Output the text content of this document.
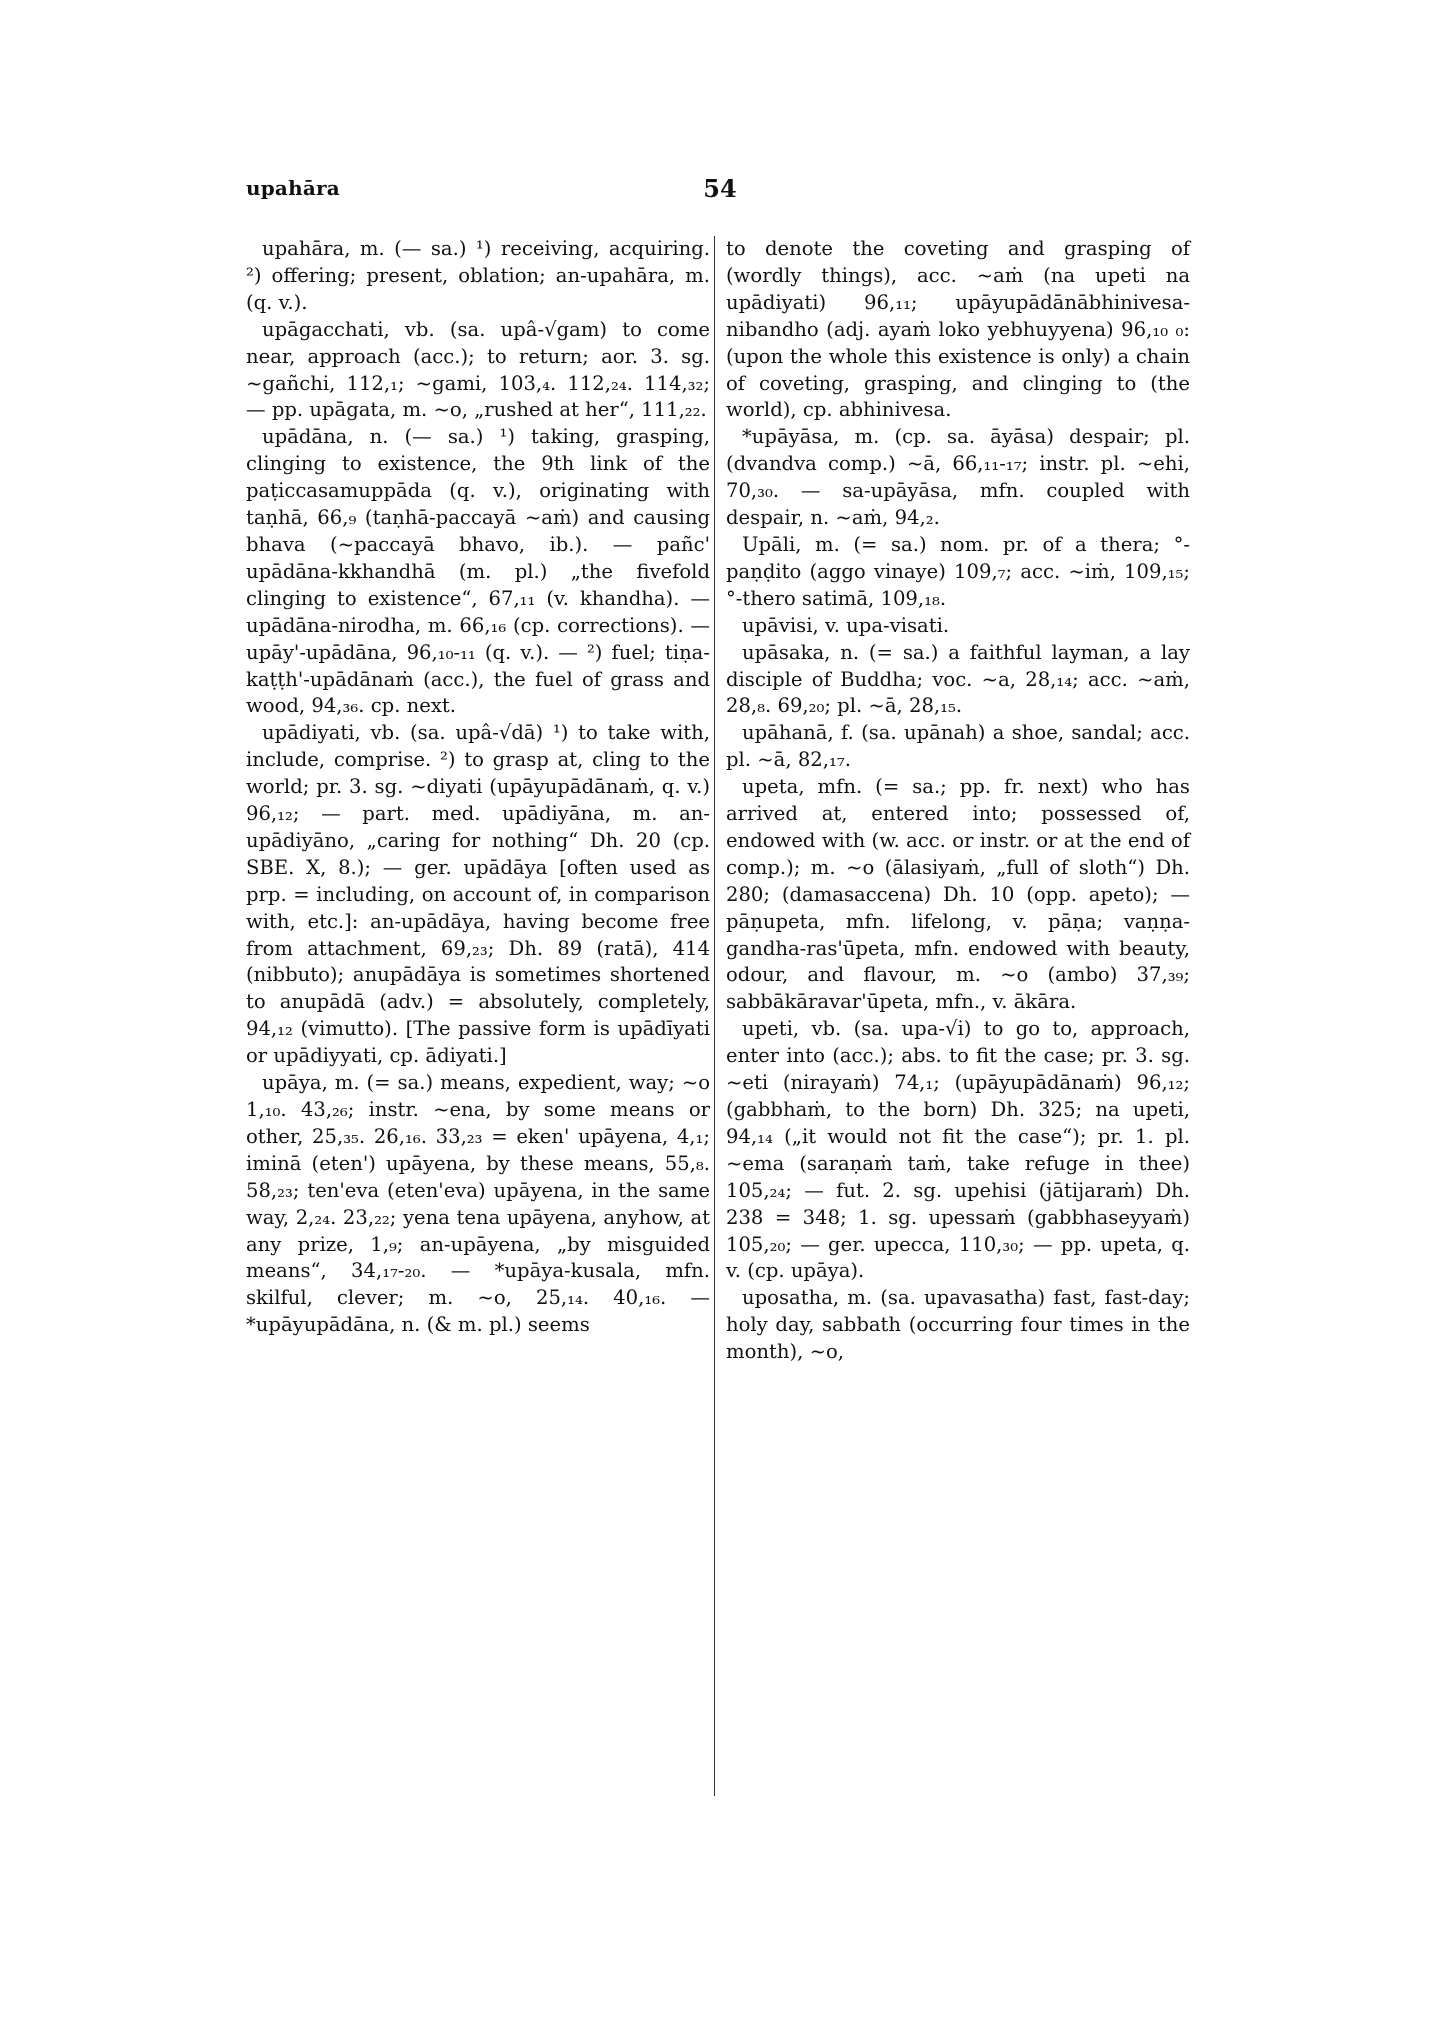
upahāra	54

upahāra, m. (— sa.) ¹) receiving, acquiring. ²) offering; present, oblation; an-upahāra, m. (q. v.).

upāgacchati, vb. (sa. upâ-√gam) to come near, approach (acc.); to return; aor. 3. sg. ~gañchi, 112,₁; ~gami, 103,₄. 112,₂₄. 114,₃₂; — pp. upāgata, m. ~o, „rushed at her“, 111,₂₂.

upādāna, n. (— sa.) ¹) taking, grasping, clinging to existence, the 9th link of the paṭiccasamuppāda (q. v.), originating with taṇhā, 66,₉ (taṇhā-paccayā ~aṁ) and causing bhava (~paccayā bhavo, ib.). — pañc' upādāna-kkhandhā (m. pl.) „the fivefold clinging to existence“, 67,₁₁ (v. khandha). — upādāna-nirodha, m. 66,₁₆ (cp. corrections). — upāy'-upādāna, 96,₁₀-₁₁ (q. v.). — ²) fuel; tiṇa-kaṭṭh'-upādānaṁ (acc.), the fuel of grass and wood, 94,₃₆. cp. next.

upādiyati, vb. (sa. upâ-√dā) ¹) to take with, include, comprise. ²) to grasp at, cling to the world; pr. 3. sg. ~diyati (upāyupādānaṁ, q. v.) 96,₁₂; — part. med. upādiyāna, m. an-upādiyāno, „caring for nothing“ Dh. 20 (cp. SBE. X, 8.); — ger. upādāya [often used as prp. = including, on account of, in comparison with, etc.]: an-upādāya, having become free from attachment, 69,₂₃; Dh. 89 (ratā), 414 (nibbuto); anupādāya is sometimes shortened to anupādā (adv.) = absolutely, completely, 94,₁₂ (vimutto). [The passive form is upādīyati or upādiyyati, cp. ādiyati.]

upāya, m. (= sa.) means, expedient, way; ~o 1,₁₀. 43,₂₆; instr. ~ena, by some means or other, 25,₃₅. 26,₁₆. 33,₂₃ = eken' upāyena, 4,₁; iminā (eten') upāyena, by these means, 55,₈. 58,₂₃; ten'eva (eten'eva) upāyena, in the same way, 2,₂₄. 23,₂₂; yena tena upāyena, anyhow, at any prize, 1,₉; an-upāyena, „by misguided means“, 34,₁₇-₂₀. — *upāya-kusala, mfn. skilful, clever; m. ~o, 25,₁₄. 40,₁₆. — *upāyupādāna, n. (& m. pl.) seems

to denote the coveting and grasping of (wordly things), acc. ~aṁ (na upeti na upādiyati) 96,₁₁; upāyupādānābhinivesa-nibandho (adj. ayaṁ loko yebhuyyena) 96,₁₀ ₀: (upon the whole this existence is only) a chain of coveting, grasping, and clinging to (the world), cp. abhinivesa.

*upāyāsa, m. (cp. sa. āyāsa) despair; pl. (dvandva comp.) ~ā, 66,₁₁-₁₇; instr. pl. ~ehi, 70,₃₀. — sa-upāyāsa, mfn. coupled with despair, n. ~aṁ, 94,₂.

Upāli, m. (= sa.) nom. pr. of a thera; °-paṇḍito (aggo vinaye) 109,₇; acc. ~iṁ, 109,₁₅; °-thero satimā, 109,₁₈.

upāvisi, v. upa-visati.

upāsaka, n. (= sa.) a faithful layman, a lay disciple of Buddha; voc. ~a, 28,₁₄; acc. ~aṁ, 28,₈. 69,₂₀; pl. ~ā, 28,₁₅.

upāhanā, f. (sa. upānah) a shoe, sandal; acc. pl. ~ā, 82,₁₇.

upeta, mfn. (= sa.; pp. fr. next) who has arrived at, entered into; possessed of, endowed with (w. acc. or instr. or at the end of comp.); m. ~o (ālasiyaṁ, „full of sloth“) Dh. 280; (damasaccena) Dh. 10 (opp. apeto); — pāṇupeta, mfn. lifelong, v. pāṇa; vaṇṇa-gandha-ras'ūpeta, mfn. endowed with beauty, odour, and flavour, m. ~o (ambo) 37,₃₉; sabbākāravar'ūpeta, mfn., v. ākāra.

upeti, vb. (sa. upa-√i) to go to, approach, enter into (acc.); abs. to fit the case; pr. 3. sg. ~eti (nirayaṁ) 74,₁; (upāyupādānaṁ) 96,₁₂; (gabbhaṁ, to the born) Dh. 325; na upeti, 94,₁₄ („it would not fit the case“); pr. 1. pl. ~ema (saraṇaṁ taṁ, take refuge in thee) 105,₂₄; — fut. 2. sg. upehisi (jātijaraṁ) Dh. 238 = 348; 1. sg. upessaṁ (gabbhaseyyaṁ) 105,₂₀; — ger. upecca, 110,₃₀; — pp. upeta, q. v. (cp. upāya).

uposatha, m. (sa. upavasatha) fast, fast-day; holy day, sabbath (occurring four times in the month), ~o,
